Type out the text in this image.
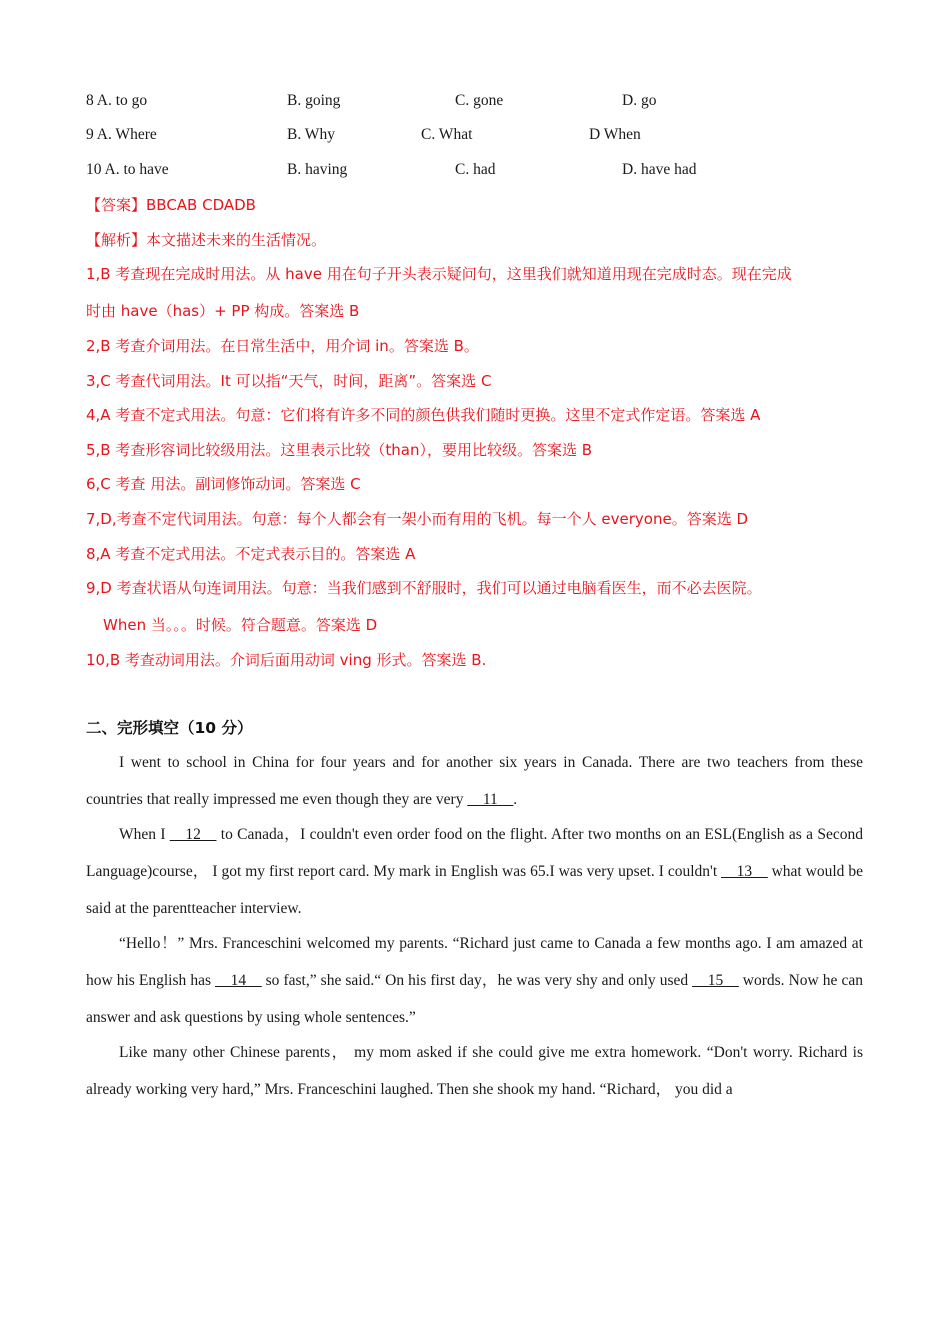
8 A. to go	B. going	C. gone	D. go
9 A. Where	B. Why	C. What	D When
10 A. to have	B. having	C. had	D. have had
【答案】BBCAB CDADB
【解析】本文描述未来的生活情况。
1,B 考查现在完成时用法。从 have 用在句子开头表示疑问句，这里我们就知道用现在完成时态。现在完成
时由 have（has）+ PP 构成。答案选 B
2,B 考查介词用法。在日常生活中，用介词 in。答案选 B。
3,C 考查代词用法。It 可以指“天气，时间，距离”。答案选 C
4,A 考查不定式用法。句意：它们将有许多不同的颜色供我们随时更换。这里不定式作定语。答案选 A
5,B 考查形容词比较级用法。这里表示比较（than），要用比较级。答案选 B
6,C 考查 用法。副词修饰动词。答案选 C
7,D,考查不定代词用法。句意：每个人都会有一架小而有用的飞机。每一个人 everyone。答案选 D
8,A 考查不定式用法。不定式表示目的。答案选 A
9,D 考查状语从句连词用法。句意：当我们感到不舒服时，我们可以通过电脑看医生，而不必去医院。
When 当。。。时候。符合题意。答案选 D
10,B 考查动词用法。介词后面用动词 ving 形式。答案选 B.
二、完形填空（10 分）
I went to school in China for four years and for another six years in Canada. There are two teachers from these countries that really impressed me even though they are very __11__.
When I __12__ to Canada，I couldn't even order food on the flight. After two months on an ESL(English as a Second Language)course， I got my first report card. My mark in English was 65.I was very upset. I couldn't __13__ what would be said at the parentteacher interview.
“Hello！” Mrs. Franceschini welcomed my parents. “Richard just came to Canada a few months ago. I am amazed at how his English has __14__ so fast,” she said.“ On his first day，he was very shy and only used __15__ words. Now he can answer and ask questions by using whole sentences.”
Like many other Chinese parents， my mom asked if she could give me extra homework. “Don't worry. Richard is already working very hard,” Mrs. Franceschini laughed. Then she shook my hand. “Richard， you did a
